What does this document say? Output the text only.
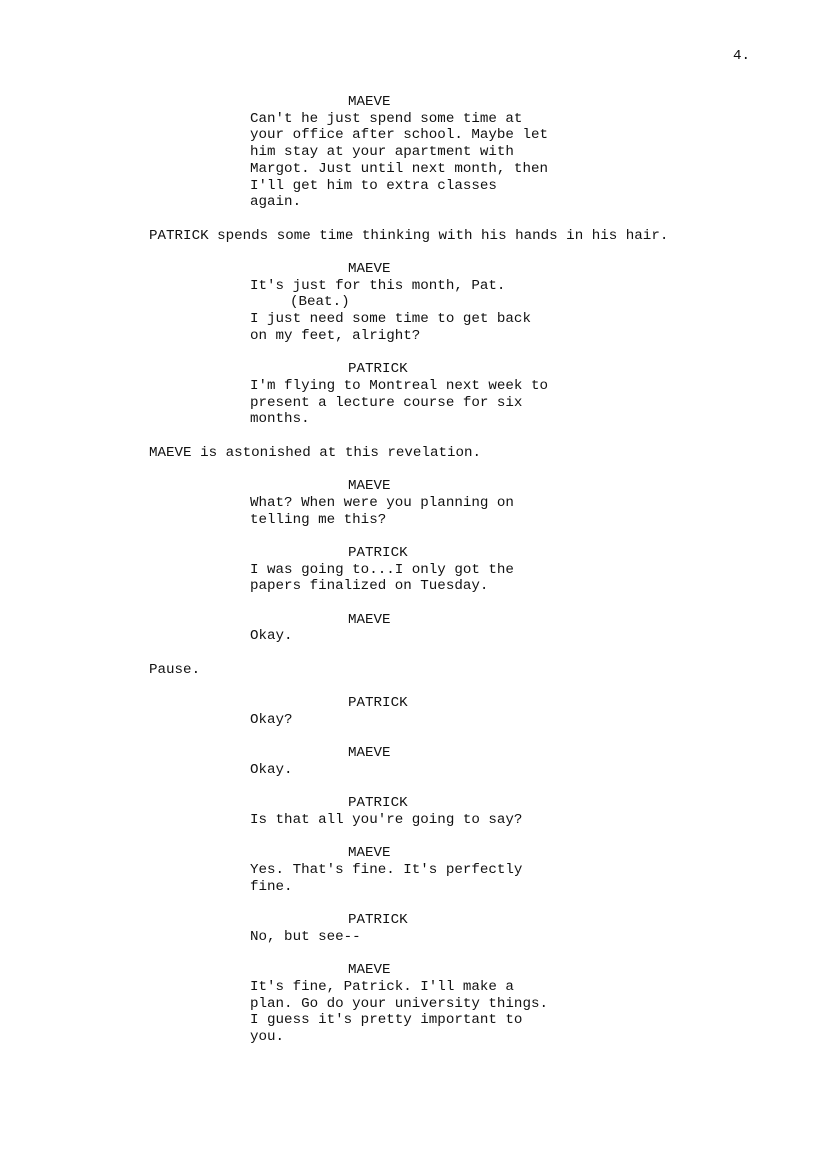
4.
MAEVE
Can't he just spend some time at
your office after school. Maybe let
him stay at your apartment with
Margot. Just until next month, then
I'll get him to extra classes
again.
PATRICK spends some time thinking with his hands in his hair.
MAEVE
It's just for this month, Pat.
(Beat.)
I just need some time to get back
on my feet, alright?
PATRICK
I'm flying to Montreal next week to
present a lecture course for six
months.
MAEVE is astonished at this revelation.
MAEVE
What? When were you planning on
telling me this?
PATRICK
I was going to...I only got the
papers finalized on Tuesday.
MAEVE
Okay.
Pause.
PATRICK
Okay?
MAEVE
Okay.
PATRICK
Is that all you're going to say?
MAEVE
Yes. That's fine. It's perfectly
fine.
PATRICK
No, but see--
MAEVE
It's fine, Patrick. I'll make a
plan. Go do your university things.
I guess it's pretty important to
you.
